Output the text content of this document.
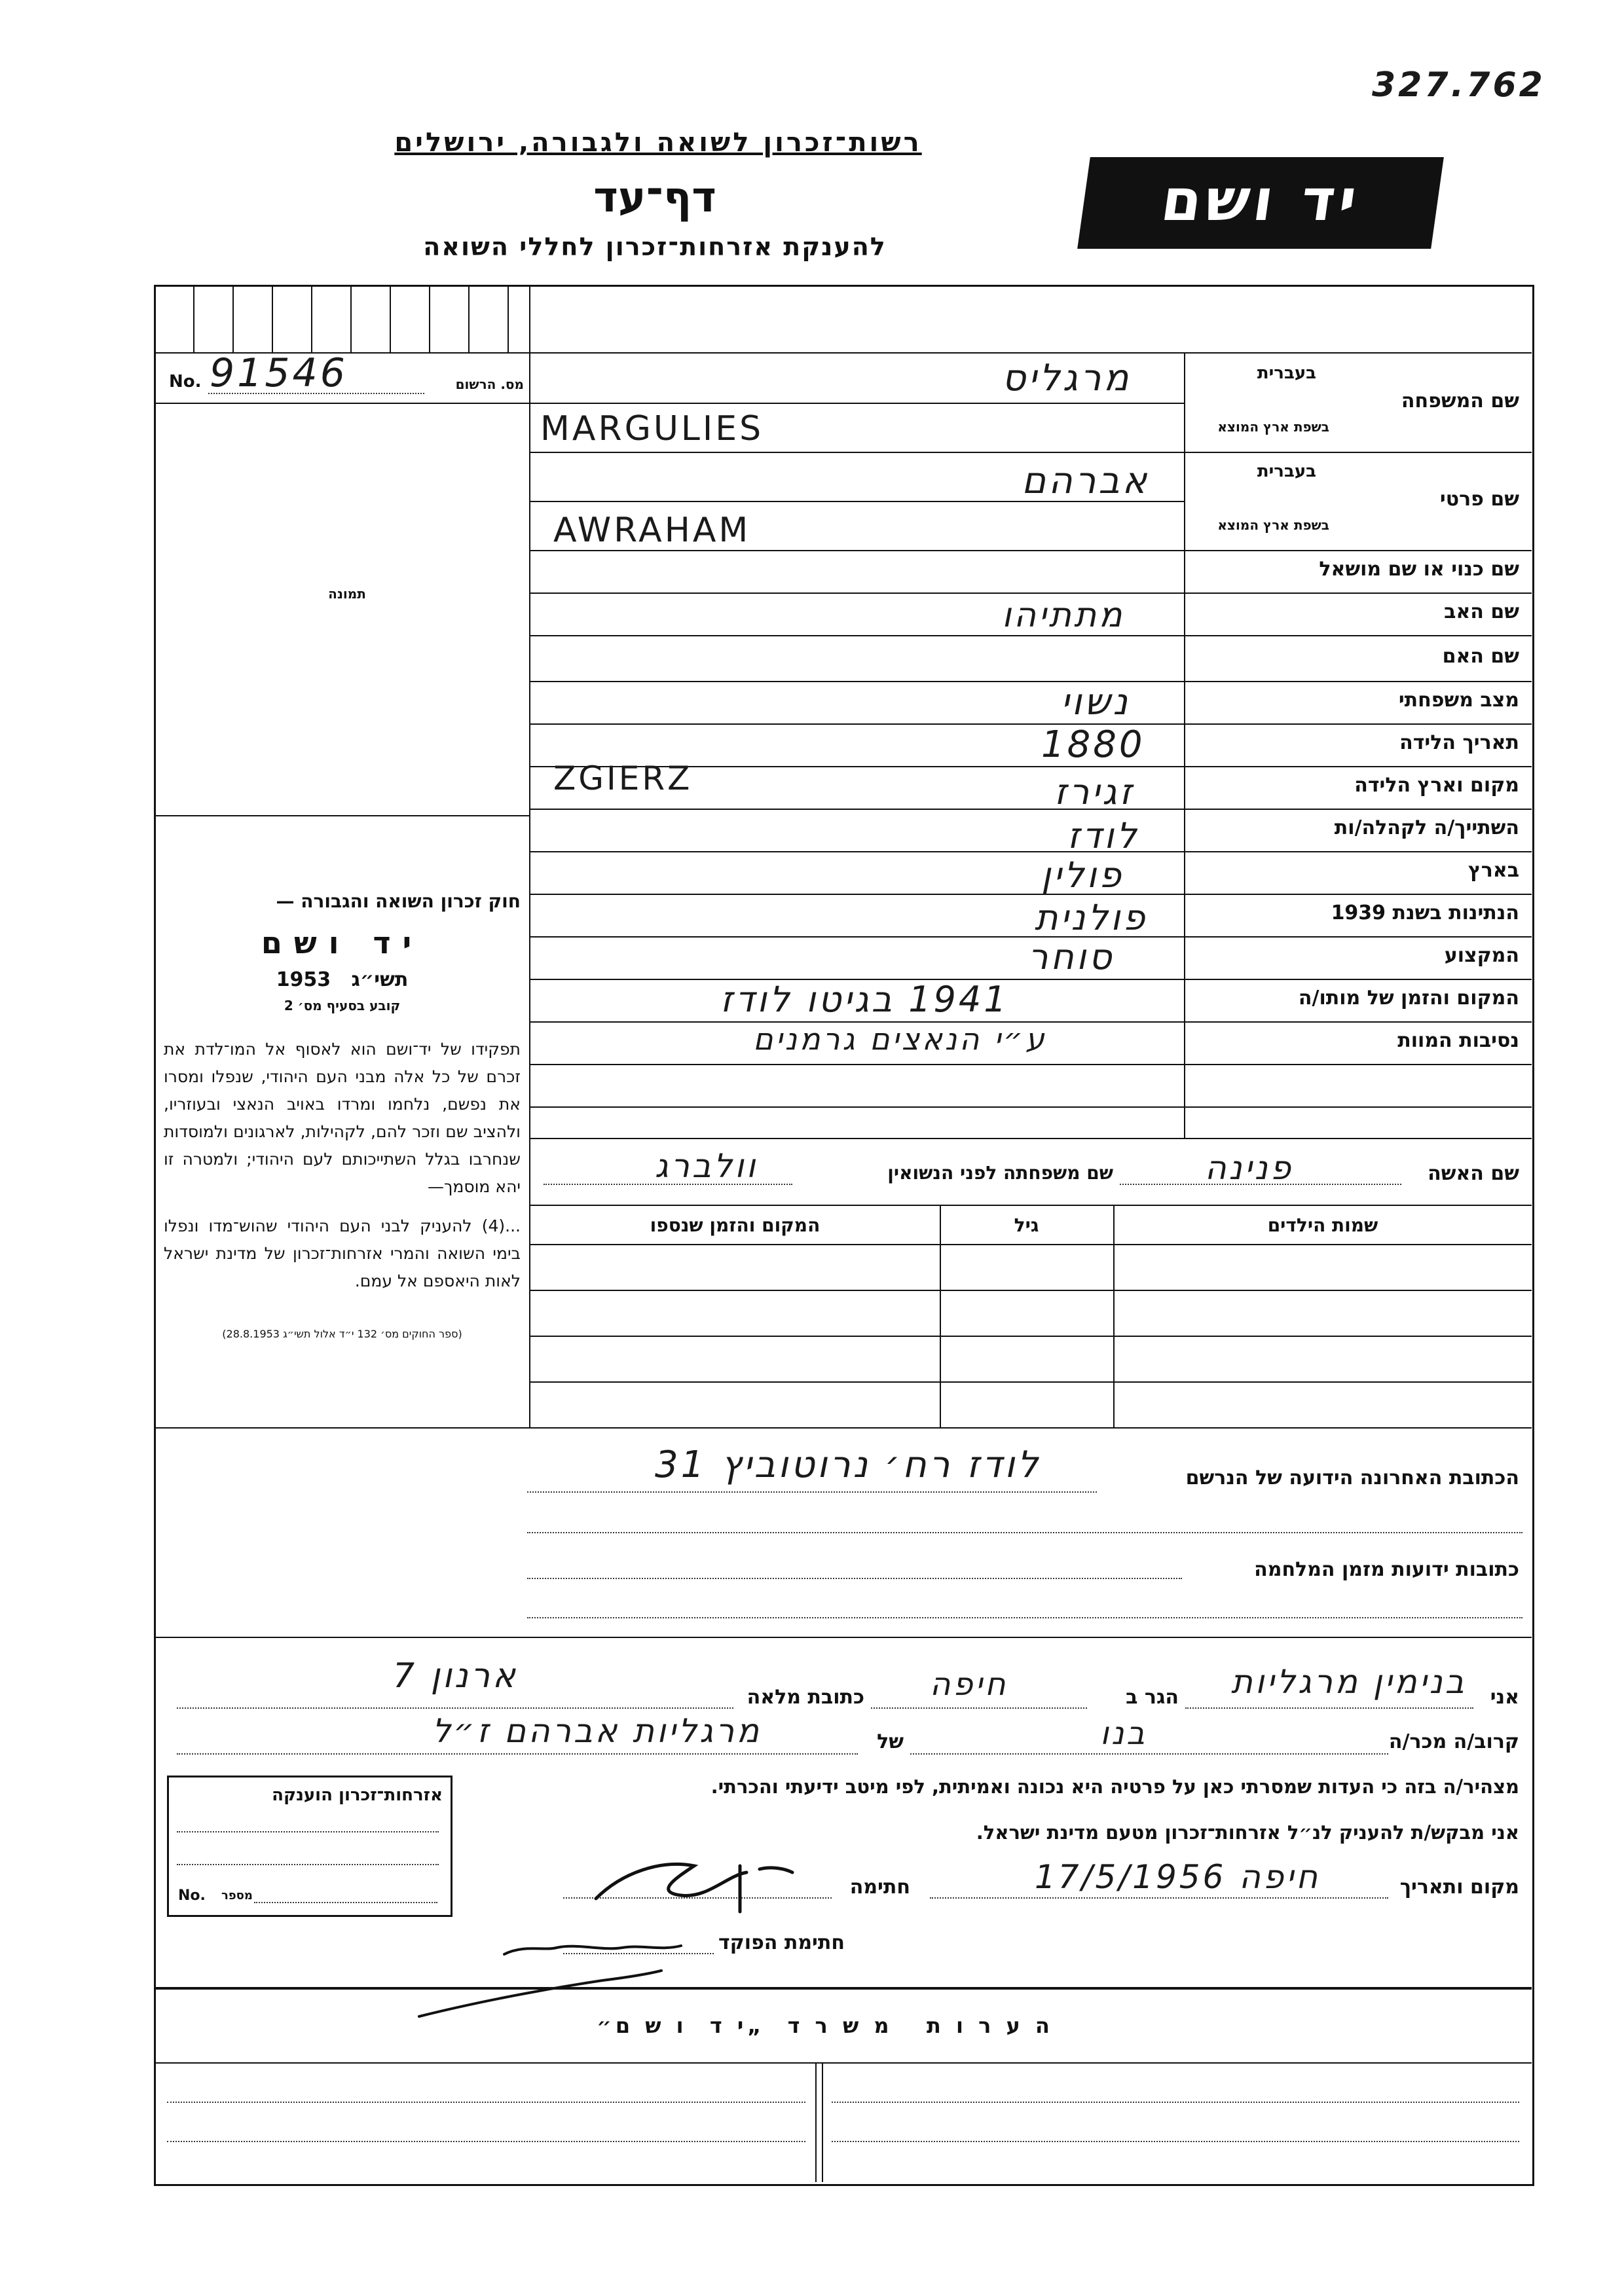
327.762
רשות־זכרון לשואה ולגבורה, ירושלים
דף־עד
להענקת אזרחות־זכרון לחללי השואה
יד ושם
No. 91546	מס. הרשום
תמונה

חוק זכרון השואה והגבורה —

יד ושם

תשי״ג   1953

קובע בסעיף מס׳ 2

תפקידו של יד־ושם הוא לאסוף אל המו־לדת את זכרם של כל אלה מבני העם היהודי, שנפלו ומסרו את נפשם, נלחמו ומרדו באויב הנאצי ובעוזריו, ולהציב שם וזכר להם, לקהילות, לארגונים ולמוסדות שנחרבו בגלל השתייכותם לעם היהודי; ולמטרה זו יהא מוסמך—

...(4) להעניק לבני העם היהודי שהוש־מדו ונפלו בימי השואה והמרי אזרחות־זכרון של מדינת ישראל לאות היאספם אל עמם.

(ספר החוקים מס׳ 132 י״ד אלול תשי״ג 28.8.1953)

שם המשפחה
בעברית
בשפת ארץ המוצא
מרגליס
MARGULIES
שם פרטי
בעברית
בשפת ארץ המוצא
אברהם
AWRAHAM
שם כנוי או שם מושאל
שם האב
מתתיהו
שם האם
מצב משפחתי
נשוי
תאריך הלידה
1880
מקום וארץ הלידה
זגירז
ZGIERZ
השתייך/ה לקהלה/ות
לודז
בארץ
פולין
הנתינות בשנת 1939
פולנית
המקצוע
סוחר
המקום והזמן של מותו/ה
1941 בגיטו לודז
נסיבות המוות
ע״י הנאצים גרמנים
שם האשה
פנינה
שם משפחתה לפני הנשואין
וולברג
שמות הילדים
גיל
המקום והזמן שנספו
הכתובת האחרונה הידועה של הנרשם
לודז רח׳ נרוטוביץ 31
כתובות ידועות מזמן המלחמה
אני
בנימין מרגליות
הגר ב
חיפה
כתובת מלאה
ארנון 7
קרוב/ה מכר/ה
בנו
של
מרגליות אברהם ז״ל
מצהיר/ה בזה כי העדות שמסרתי כאן על פרטיה היא נכונה ואמיתית, לפי מיטב ידיעתי והכרתי.
אני מבקש/ת להעניק לנ״ל אזרחות־זכרון מטעם מדינת ישראל.
אזרחות־זכרון הוענקה
No. מספר	מקום ותאריך
חיפה 17/5/1956
חתימה
חתימת הפוקד
ה ע ר ו ת   מ ש ר ד  „י ד  ו ש ם״
